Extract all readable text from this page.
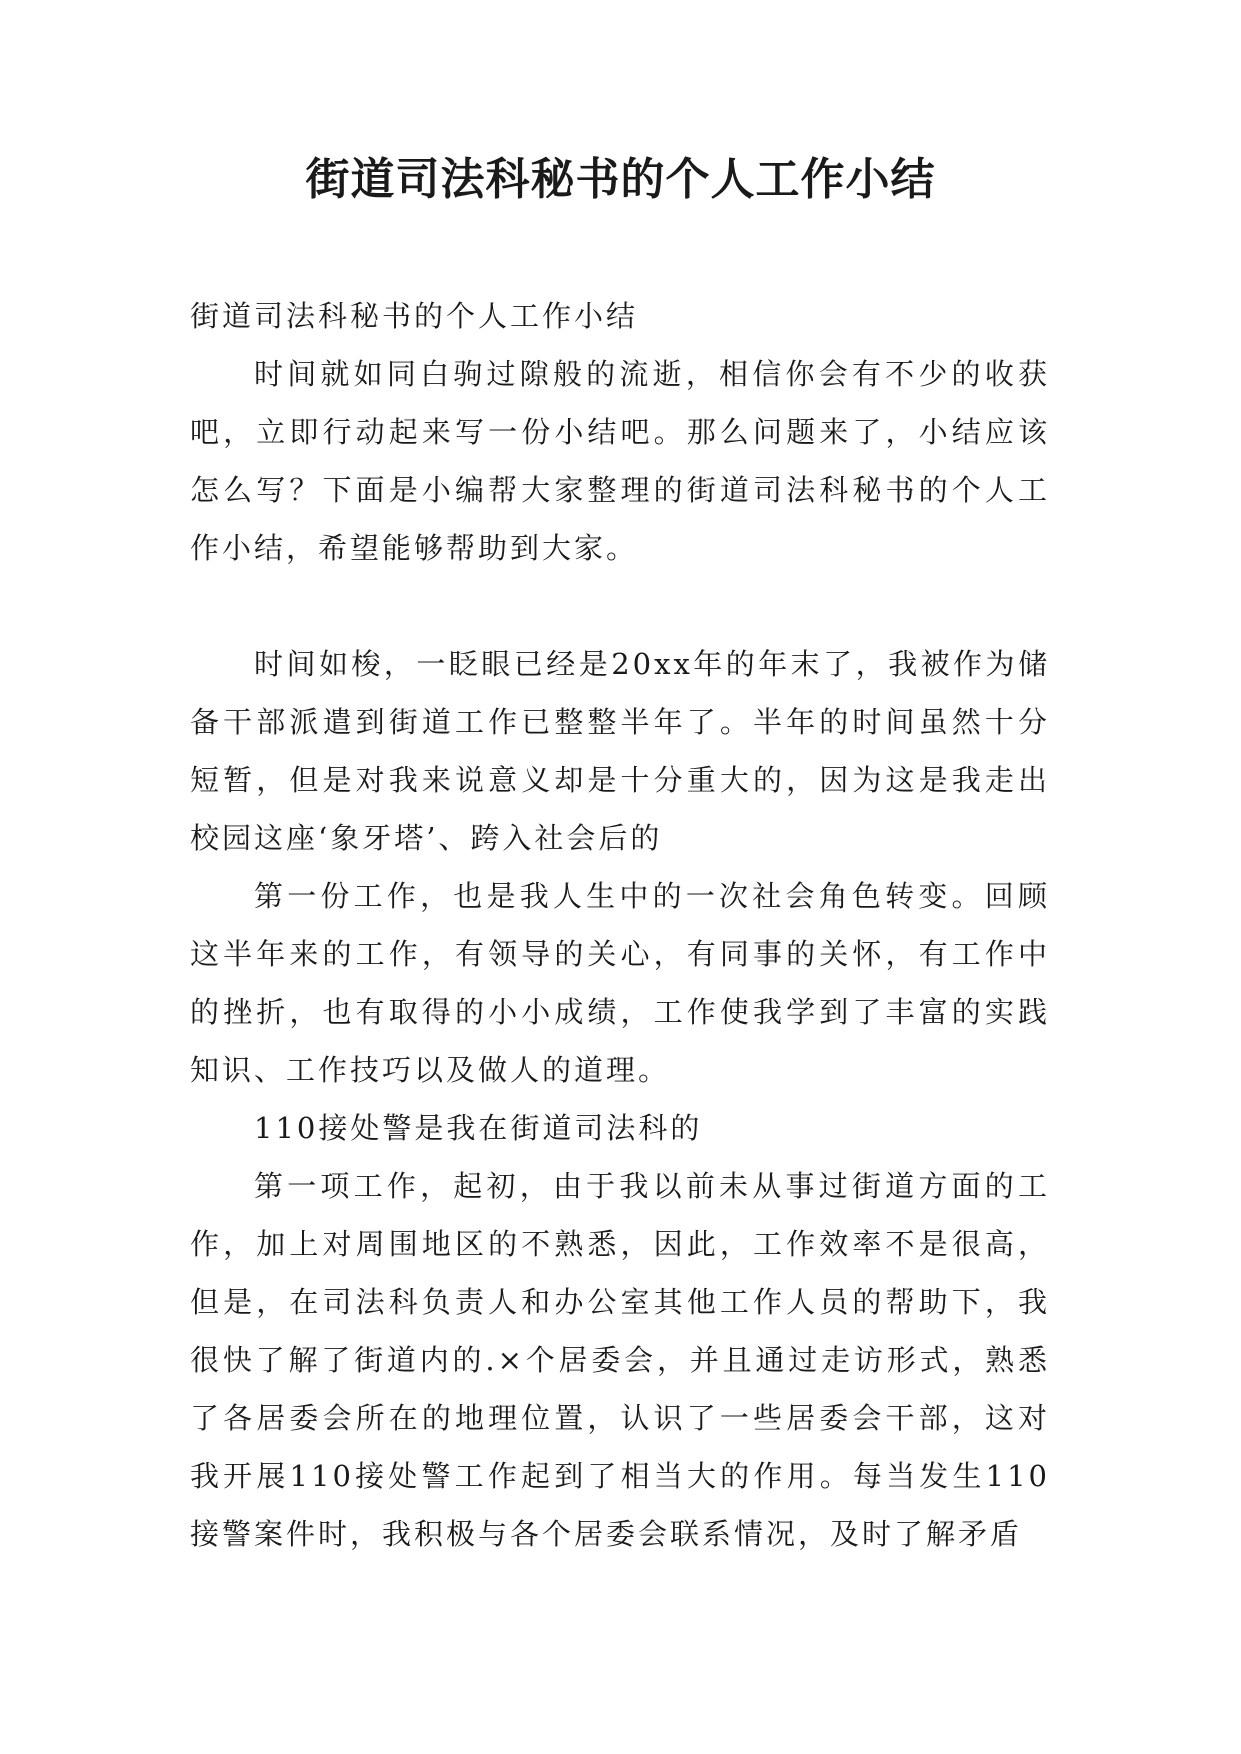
街道司法科秘书的个人工作小结

街道司法科秘书的个人工作小结

时间就如同白驹过隙般的流逝，相信你会有不少的收获吧，立即行动起来写一份小结吧。那么问题来了，小结应该怎么写？下面是小编帮大家整理的街道司法科秘书的个人工作小结，希望能够帮助到大家。

时间如梭，一眨眼已经是20xx年的年末了，我被作为储备干部派遣到街道工作已整整半年了。半年的时间虽然十分短暂，但是对我来说意义却是十分重大的，因为这是我走出校园这座‘象牙塔’、跨入社会后的

第一份工作，也是我人生中的一次社会角色转变。回顾这半年来的工作，有领导的关心，有同事的关怀，有工作中的挫折，也有取得的小小成绩，工作使我学到了丰富的实践知识、工作技巧以及做人的道理。

110接处警是我在街道司法科的

第一项工作，起初，由于我以前未从事过街道方面的工作，加上对周围地区的不熟悉，因此，工作效率不是很高，但是，在司法科负责人和办公室其他工作人员的帮助下，我很快了解了街道内的.×个居委会，并且通过走访形式，熟悉了各居委会所在的地理位置，认识了一些居委会干部，这对我开展110接处警工作起到了相当大的作用。每当发生110接警案件时，我积极与各个居委会联系情况，及时了解矛盾
